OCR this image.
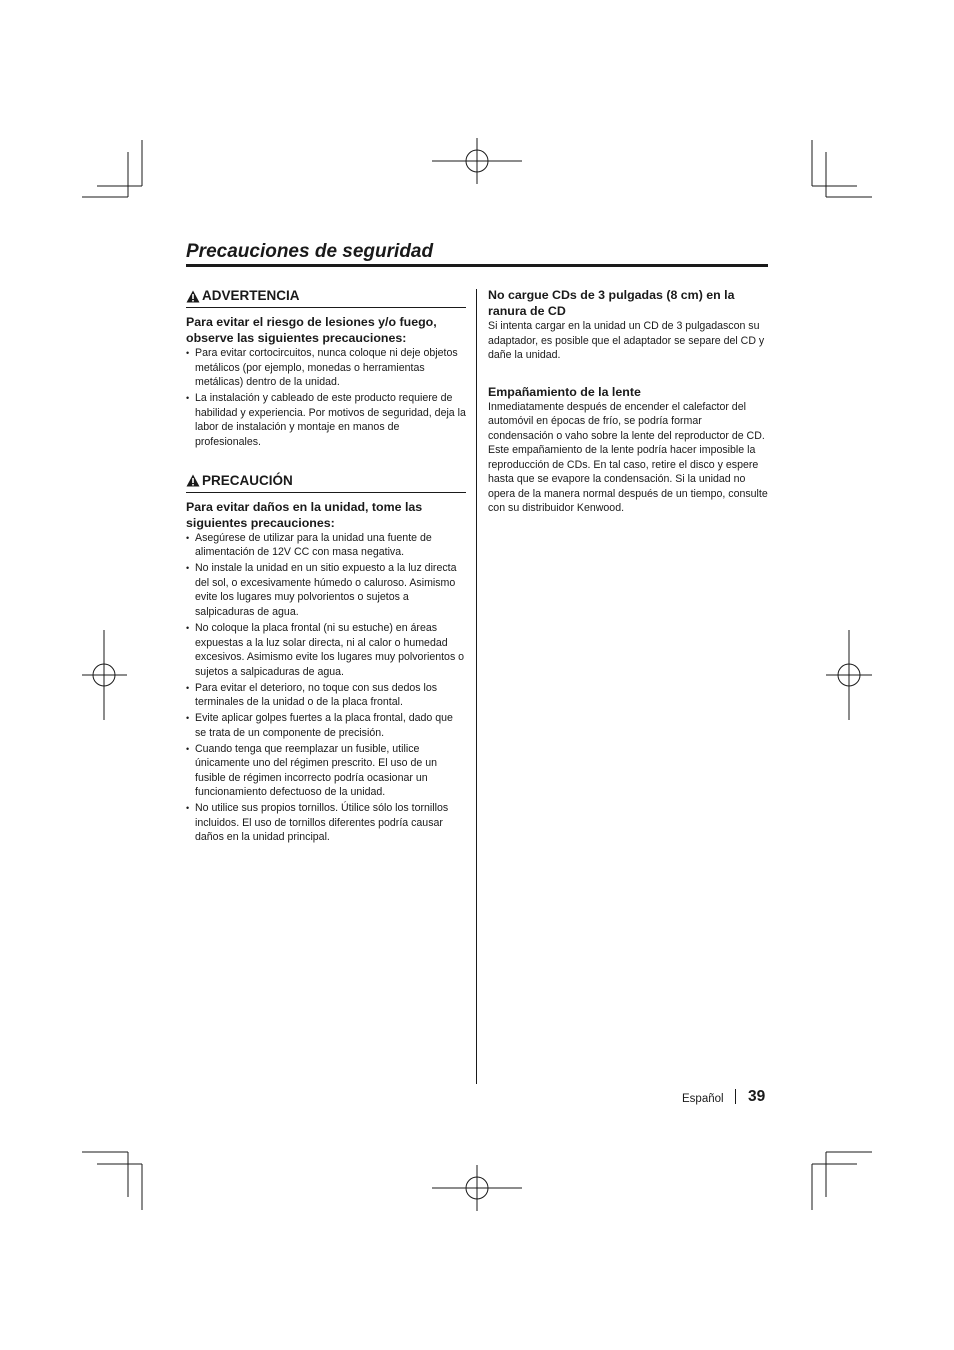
Precauciones de seguridad
ADVERTENCIA

Para evitar el riesgo de lesiones y/o fuego, observe las siguientes precauciones:

• Para evitar cortocircuitos, nunca coloque ni deje objetos metálicos (por ejemplo, monedas o herramientas metálicas) dentro de la unidad.
• La instalación y cableado de este producto requiere de habilidad y experiencia. Por motivos de seguridad, deja la labor de instalación y montaje en manos de profesionales.
PRECAUCIÓN

Para evitar daños en la unidad, tome las siguientes precauciones:

• Asegúrese de utilizar para la unidad una fuente de alimentación de 12V CC con masa negativa.
• No instale la unidad en un sitio expuesto a la luz directa del sol, o excesivamente húmedo o caluroso. Asimismo evite los lugares muy polvorientos o sujetos a salpicaduras de agua.
• No coloque la placa frontal (ni su estuche) en áreas expuestas a la luz solar directa, ni al calor o humedad excesivos. Asimismo evite los lugares muy polvorientos o sujetos a salpicaduras de agua.
• Para evitar el deterioro, no toque con sus dedos los terminales de la unidad o de la placa frontal.
• Evite aplicar golpes fuertes a la placa frontal, dado que se trata de un componente de precisión.
• Cuando tenga que reemplazar un fusible, utilice únicamente uno del régimen prescrito. El uso de un fusible de régimen incorrecto podría ocasionar un funcionamiento defectuoso de la unidad.
• No utilice sus propios tornillos. Útilice sólo los tornillos incluidos. El uso de tornillos diferentes podría causar daños en la unidad principal.

No cargue CDs de 3 pulgadas (8 cm) en la ranura de CD

Si intenta cargar en la unidad un CD de 3 pulgadascon su adaptador, es posible que el adaptador se separe del CD y dañe la unidad.

Empañamiento de la lente

Inmediatamente después de encender el calefactor del automóvil en épocas de frío, se podría formar condensación o vaho sobre la lente del reproductor de CD. Este empañamiento de la lente podría hacer imposible la reproducción de CDs. En tal caso, retire el disco y espere hasta que se evapore la condensación. Si la unidad no opera de la manera normal después de un tiempo, consulte con su distribuidor Kenwood.

Español 39
